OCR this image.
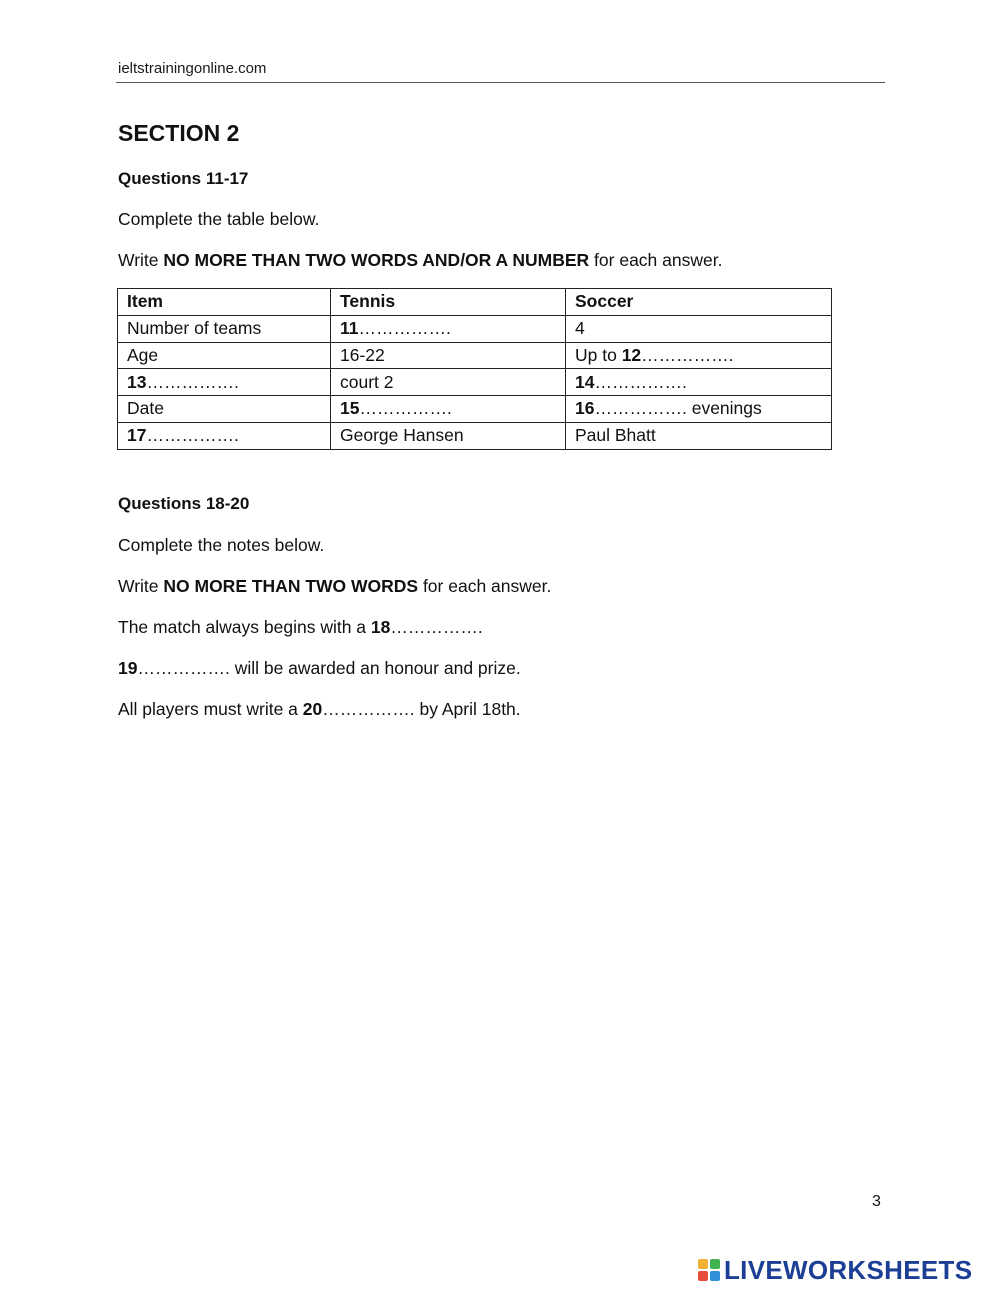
ieltstrainingonline.com
SECTION 2
Questions 11-17

Complete the table below.

Write NO MORE THAN TWO WORDS AND/OR A NUMBER for each answer.

Item	Tennis	Soccer
Number of teams	11…………….	4
Age	16-22	Up to 12…………….
13…………….	court 2	14…………….
Date	15…………….	16……………. evenings
17…………….	George Hansen	Paul Bhatt
Questions 18-20

Complete the notes below.

Write NO MORE THAN TWO WORDS for each answer.

The match always begins with a 18…………….

19……………. will be awarded an honour and prize.

All players must write a 20……………. by April 18th.

3
LIVEWORKSHEETS
